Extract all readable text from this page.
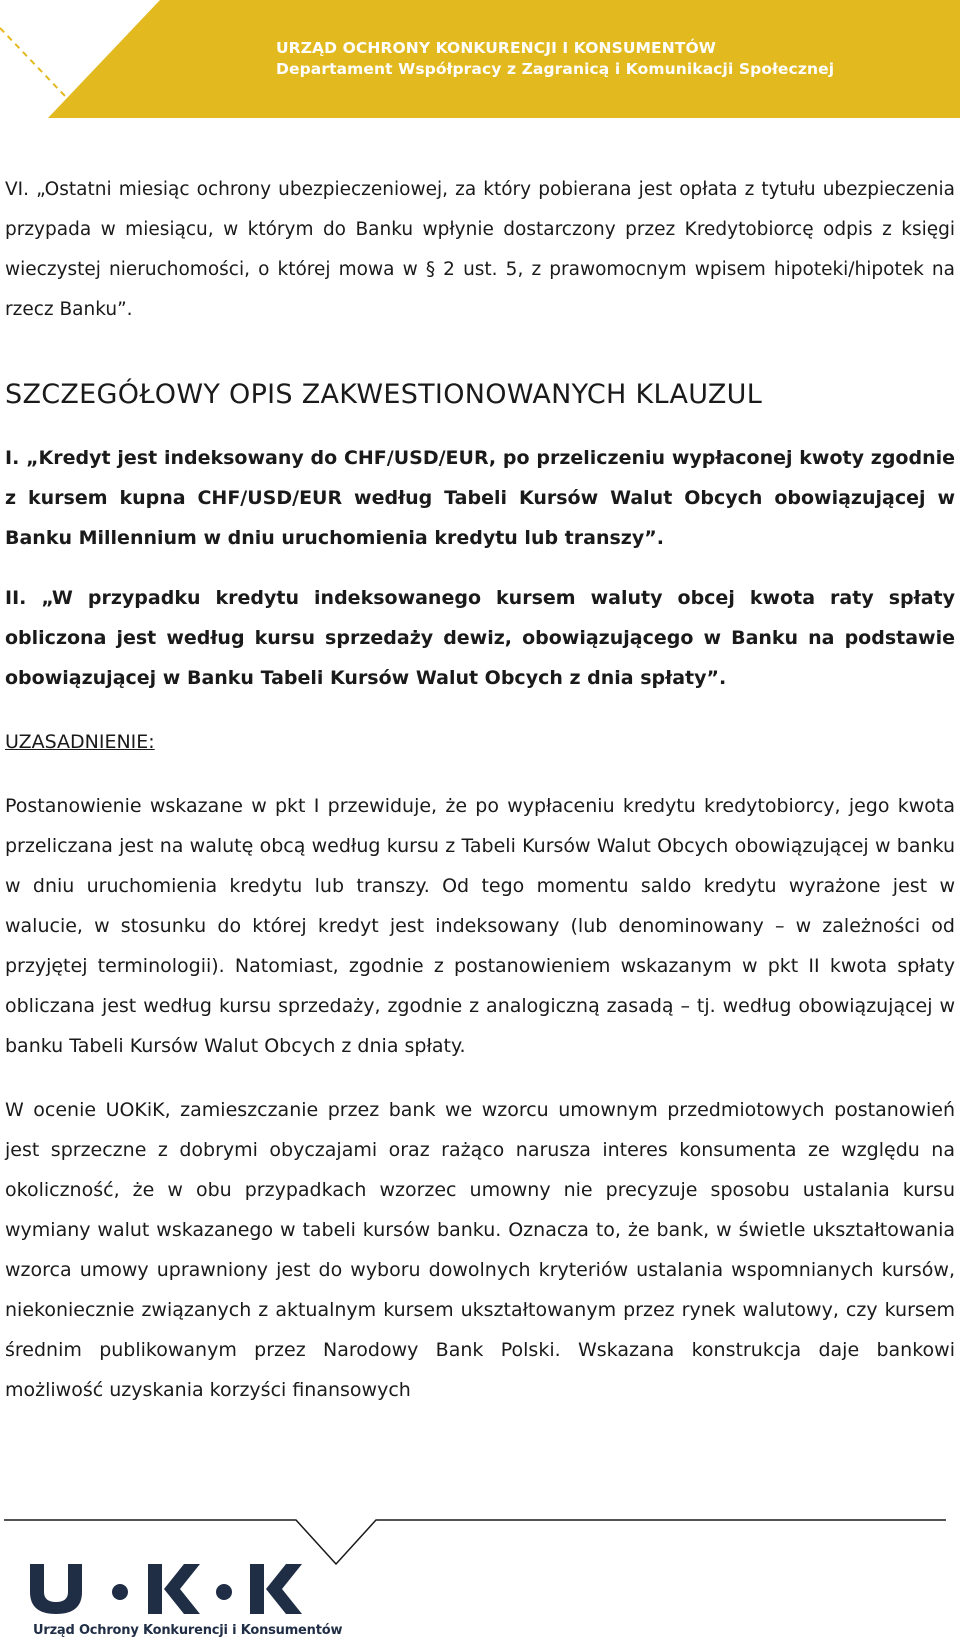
URZĄD OCHRONY KONKURENCJI I KONSUMENTÓW
Departament Współpracy z Zagranicą i Komunikacji Społecznej

VI. „Ostatni miesiąc ochrony ubezpieczeniowej, za który pobierana jest opłata z tytułu ubezpieczenia przypada w miesiącu, w którym do Banku wpłynie dostarczony przez Kredytobiorcę odpis z księgi wieczystej nieruchomości, o której mowa w § 2 ust. 5, z prawomocnym wpisem hipoteki/hipotek na rzecz Banku”.

SZCZEGÓŁOWY OPIS ZAKWESTIONOWANYCH KLAUZUL

I. „Kredyt jest indeksowany do CHF/USD/EUR, po przeliczeniu wypłaconej kwoty zgodnie z kursem kupna CHF/USD/EUR według Tabeli Kursów Walut Obcych obowiązującej w Banku Millennium w dniu uruchomienia kredytu lub transzy”.

II. „W przypadku kredytu indeksowanego kursem waluty obcej kwota raty spłaty obliczona jest według kursu sprzedaży dewiz, obowiązującego w Banku na podstawie obowiązującej w Banku Tabeli Kursów Walut Obcych z dnia spłaty”.

UZASADNIENIE:

Postanowienie wskazane w pkt I przewiduje, że po wypłaceniu kredytu kredytobiorcy, jego kwota przeliczana jest na walutę obcą według kursu z Tabeli Kursów Walut Obcych obowiązującej w banku w dniu uruchomienia kredytu lub transzy. Od tego momentu saldo kredytu wyrażone jest w walucie, w stosunku do której kredyt jest indeksowany (lub denominowany – w zależności od przyjętej terminologii). Natomiast, zgodnie z postanowieniem wskazanym w pkt II kwota spłaty obliczana jest według kursu sprzedaży, zgodnie z analogiczną zasadą – tj. według obowiązującej w banku Tabeli Kursów Walut Obcych z dnia spłaty.

W ocenie UOKiK, zamieszczanie przez bank we wzorcu umownym przedmiotowych postanowień jest sprzeczne z dobrymi obyczajami oraz rażąco narusza interes konsumenta ze względu na okoliczność, że w obu przypadkach wzorzec umowny nie precyzuje sposobu ustalania kursu wymiany walut wskazanego w tabeli kursów banku. Oznacza to, że bank, w świetle ukształtowania wzorca umowy uprawniony jest do wyboru dowolnych kryteriów ustalania wspomnianych kursów, niekoniecznie związanych z aktualnym kursem ukształtowanym przez rynek walutowy, czy kursem średnim publikowanym przez Narodowy Bank Polski. Wskazana konstrukcja daje bankowi możliwość uzyskania korzyści finansowych

Urząd Ochrony Konkurencji i Konsumentów
